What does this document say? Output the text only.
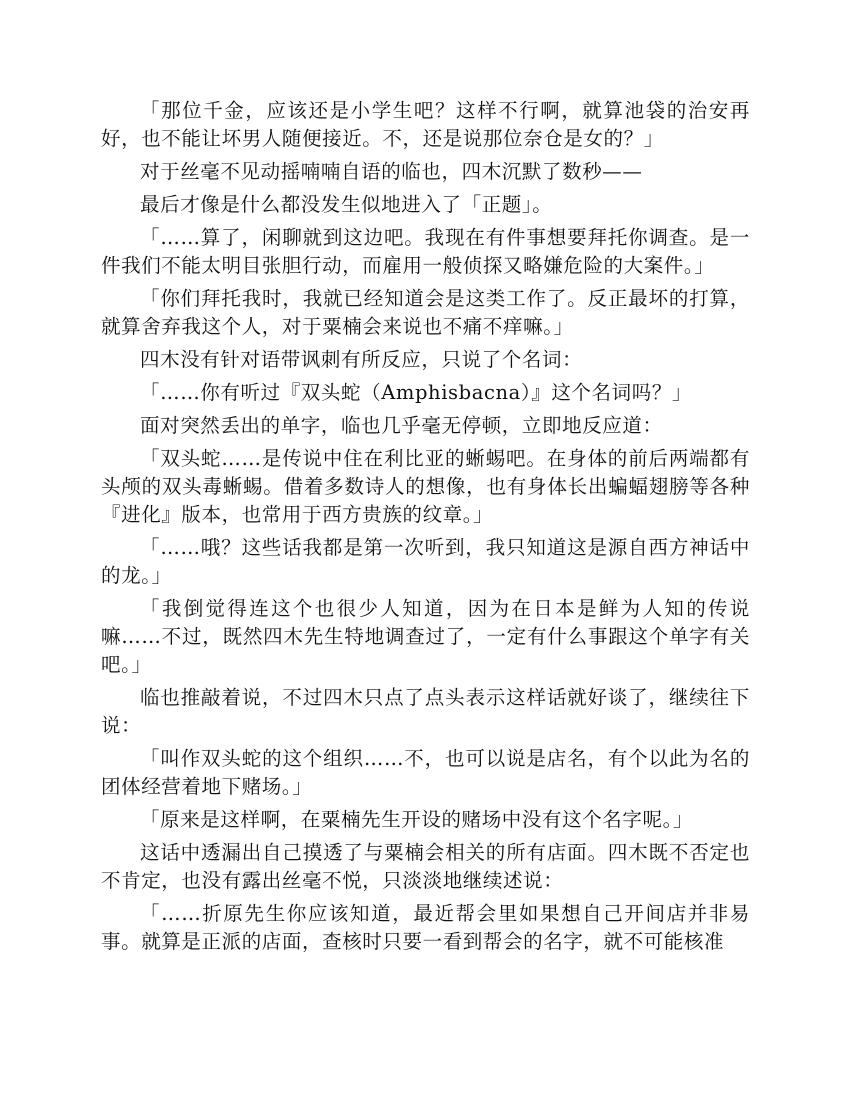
「那位千金，应该还是小学生吧？这样不行啊，就算池袋的治安再好，也不能让坏男人随便接近。不，还是说那位奈仓是女的？」

对于丝毫不见动摇喃喃自语的临也，四木沉默了数秒——

最后才像是什么都没发生似地进入了「正题」。

「……算了，闲聊就到这边吧。我现在有件事想要拜托你调查。是一件我们不能太明目张胆行动，而雇用一般侦探又略嫌危险的大案件。」

「你们拜托我时，我就已经知道会是这类工作了。反正最坏的打算，就算舍弃我这个人，对于粟楠会来说也不痛不痒嘛。」

四木没有针对语带讽刺有所反应，只说了个名词：

「……你有听过『双头蛇（Amphisbacna）』这个名词吗？」

面对突然丢出的单字，临也几乎毫无停顿，立即地反应道：

「双头蛇……是传说中住在利比亚的蜥蜴吧。在身体的前后两端都有头颅的双头毒蜥蜴。借着多数诗人的想像，也有身体长出蝙蝠翅膀等各种『进化』版本，也常用于西方贵族的纹章。」

「……哦？这些话我都是第一次听到，我只知道这是源自西方神话中的龙。」

「我倒觉得连这个也很少人知道，因为在日本是鲜为人知的传说嘛……不过，既然四木先生特地调查过了，一定有什么事跟这个单字有关吧。」

临也推敲着说，不过四木只点了点头表示这样话就好谈了，继续往下说：

「叫作双头蛇的这个组织……不，也可以说是店名，有个以此为名的团体经营着地下赌场。」

「原来是这样啊，在粟楠先生开设的赌场中没有这个名字呢。」

这话中透漏出自己摸透了与粟楠会相关的所有店面。四木既不否定也不肯定，也没有露出丝毫不悦，只淡淡地继续述说：

「……折原先生你应该知道，最近帮会里如果想自己开间店并非易事。就算是正派的店面，查核时只要一看到帮会的名字，就不可能核准
